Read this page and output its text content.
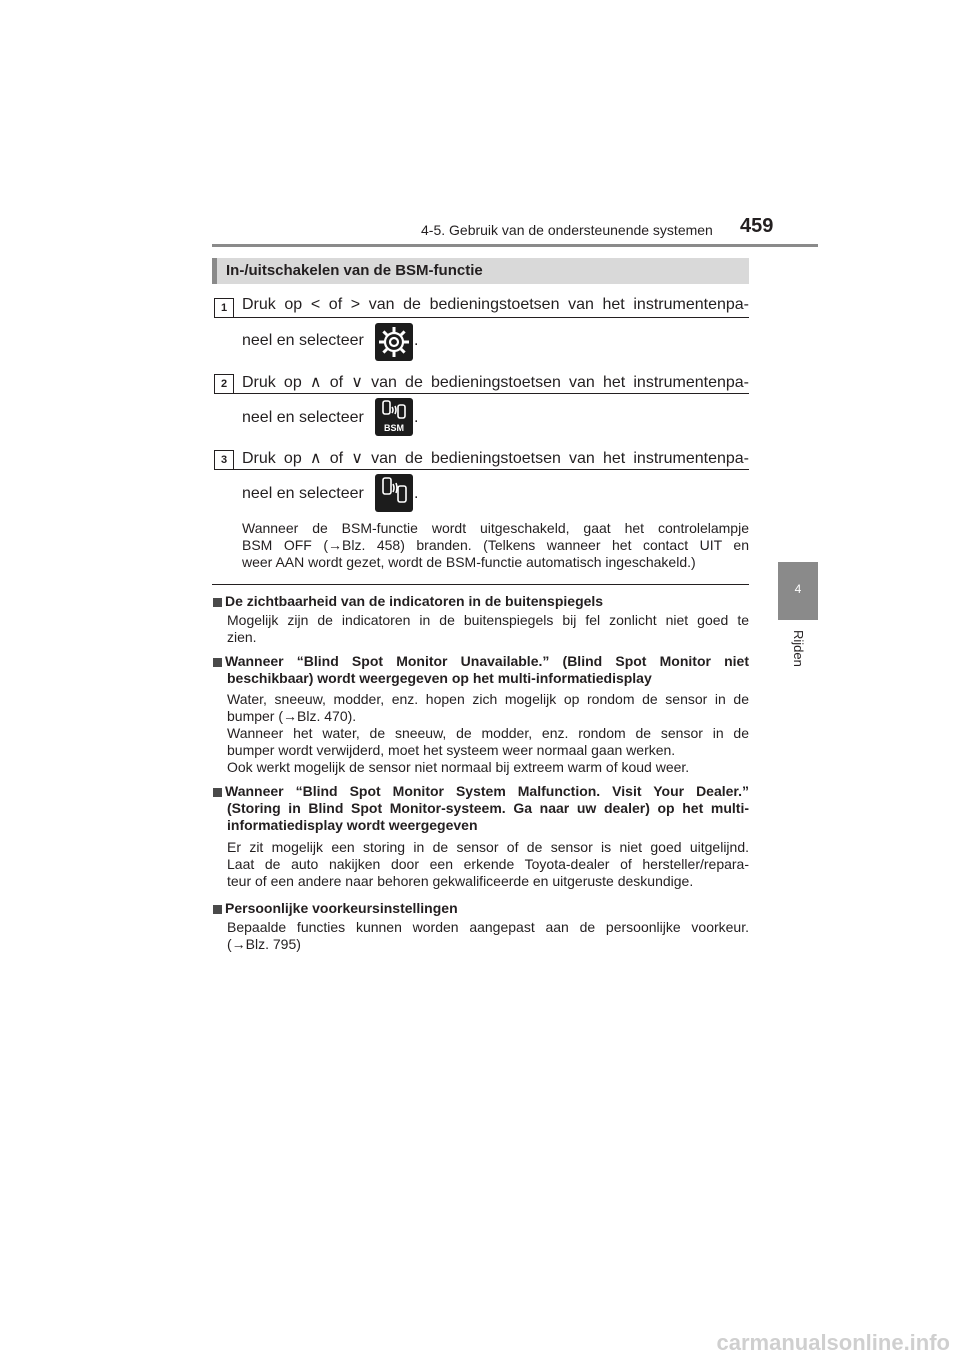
4-5. Gebruik van de ondersteunende systemen 459
4
Rijden
In-/uitschakelen van de BSM-functie
1 Druk op < of > van de bedieningstoetsen van het instrumentenpa-
neel en selecteer	.
2 Druk op ∧ of ∨ van de bedieningstoetsen van het instrumentenpa-
neel en selecteer
BSM
.
3 Druk op ∧ of ∨ van de bedieningstoetsen van het instrumentenpa-
neel en selecteer	.
Wanneer de BSM-functie wordt uitgeschakeld, gaat het controlelampje
BSM OFF (→Blz. 458) branden. (Telkens wanneer het contact UIT en
weer AAN wordt gezet, wordt de BSM-functie automatisch ingeschakeld.)
De zichtbaarheid van de indicatoren in de buitenspiegels
Mogelijk zijn de indicatoren in de buitenspiegels bij fel zonlicht niet goed te
zien.
Wanneer “Blind Spot Monitor Unavailable.” (Blind Spot Monitor niet
beschikbaar) wordt weergegeven op het multi-informatiedisplay
Water, sneeuw, modder, enz. hopen zich mogelijk op rondom de sensor in de
bumper (→Blz. 470).
Wanneer het water, de sneeuw, de modder, enz. rondom de sensor in de
bumper wordt verwijderd, moet het systeem weer normaal gaan werken.
Ook werkt mogelijk de sensor niet normaal bij extreem warm of koud weer.
Wanneer “Blind Spot Monitor System Malfunction. Visit Your Dealer.”
(Storing in Blind Spot Monitor-systeem. Ga naar uw dealer) op het multi-
informatiedisplay wordt weergegeven
Er zit mogelijk een storing in de sensor of de sensor is niet goed uitgelijnd.
Laat de auto nakijken door een erkende Toyota-dealer of hersteller/repara-
teur of een andere naar behoren gekwalificeerde en uitgeruste deskundige.
Persoonlijke voorkeursinstellingen
Bepaalde functies kunnen worden aangepast aan de persoonlijke voorkeur.
(→Blz. 795)
carmanualsonline.info
